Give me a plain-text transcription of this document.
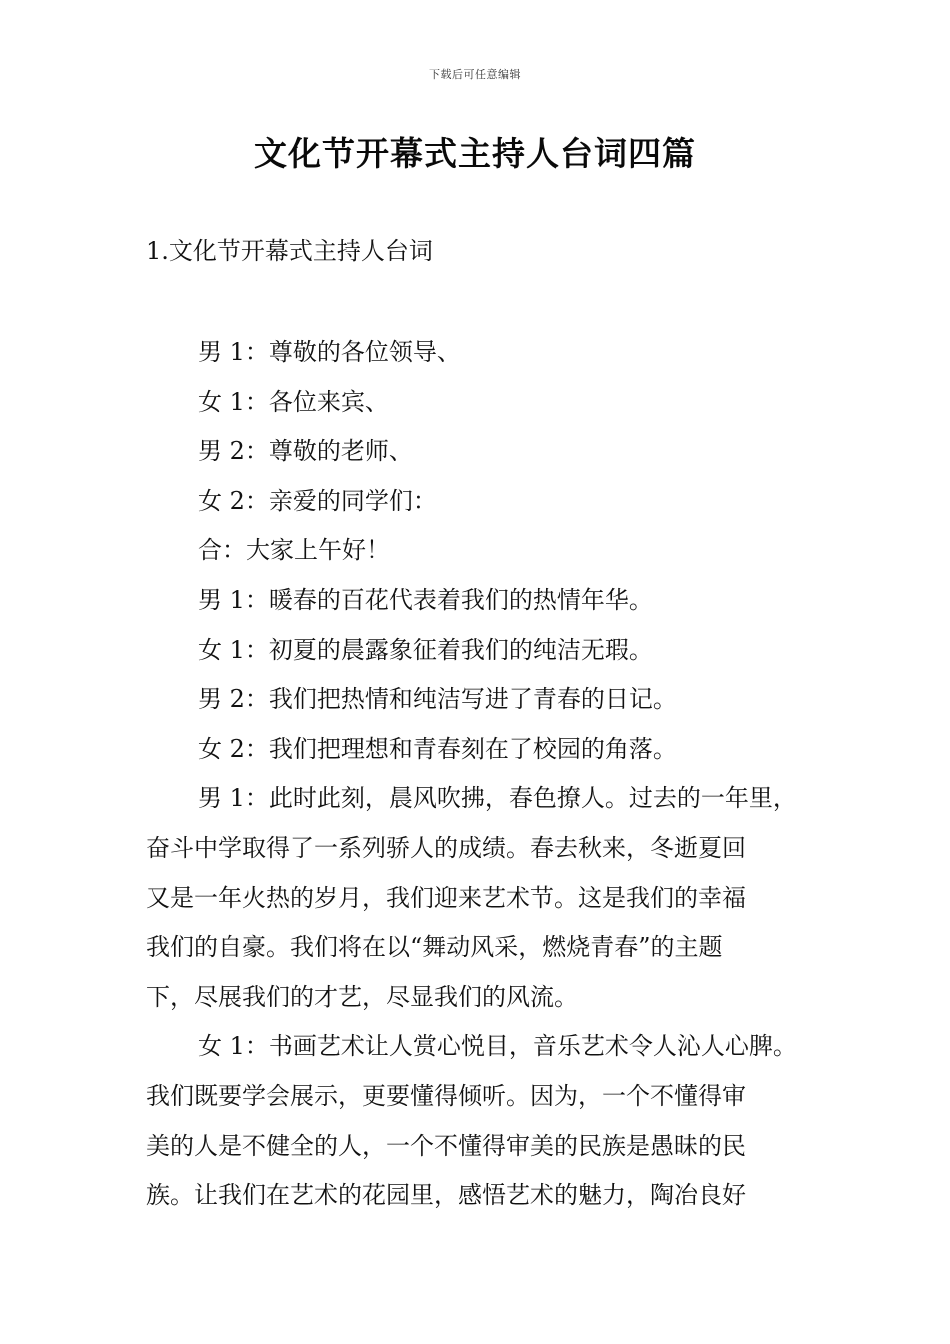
下载后可任意编辑
文化节开幕式主持人台词四篇
1.文化节开幕式主持人台词

男 1：尊敬的各位领导、

女 1：各位来宾、

男 2：尊敬的老师、

女 2：亲爱的同学们：

合：大家上午好！

男 1：暖春的百花代表着我们的热情年华。

女 1：初夏的晨露象征着我们的纯洁无瑕。

男 2：我们把热情和纯洁写进了青春的日记。

女 2：我们把理想和青春刻在了校园的角落。

男 1：此时此刻，晨风吹拂，春色撩人。过去的一年里，

奋斗中学取得了一系列骄人的成绩。春去秋来，冬逝夏回

又是一年火热的岁月，我们迎来艺术节。这是我们的幸福

我们的自豪。我们将在以“舞动风采，燃烧青春”的主题

下，尽展我们的才艺，尽显我们的风流。

女 1：书画艺术让人赏心悦目，音乐艺术令人沁人心脾。

我们既要学会展示，更要懂得倾听。因为，一个不懂得审

美的人是不健全的人，一个不懂得审美的民族是愚昧的民

族。让我们在艺术的花园里，感悟艺术的魅力，陶冶良好
